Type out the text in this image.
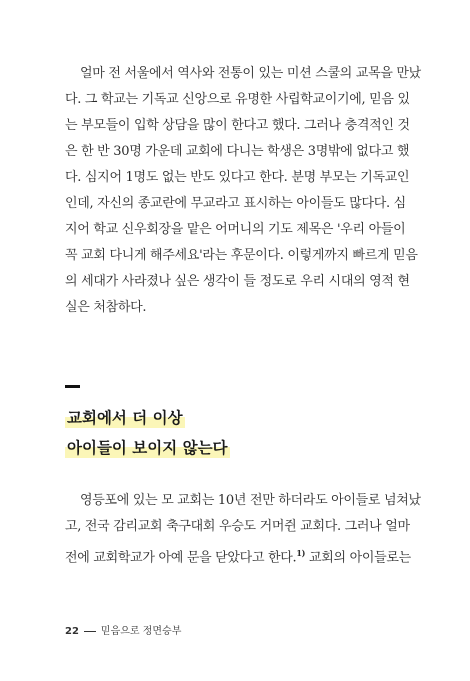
얼마 전 서울에서 역사와 전통이 있는 미션 스쿨의 교목을 만났
다. 그 학교는 기독교 신앙으로 유명한 사립학교이기에, 믿음 있
는 부모들이 입학 상담을 많이 한다고 했다. 그러나 충격적인 것
은 한 반 30명 가운데 교회에 다니는 학생은 3명밖에 없다고 했
다. 심지어 1명도 없는 반도 있다고 한다. 분명 부모는 기독교인
인데, 자신의 종교란에 무교라고 표시하는 아이들도 많다다. 심
지어 학교 신우회장을 맡은 어머니의 기도 제목은 '우리 아들이
꼭 교회 다니게 해주세요'라는 후문이다. 이렇게까지 빠르게 믿음
의 세대가 사라졌나 싶은 생각이 들 정도로 우리 시대의 영적 현
실은 처참하다.
교회에서 더 이상
아이들이 보이지 않는다
영등포에 있는 모 교회는 10년 전만 하더라도 아이들로 넘쳐났
고, 전국 감리교회 축구대회 우승도 거머쥔 교회다. 그러나 얼마
전에 교회학교가 아예 문을 닫았다고 한다.$^{1)}$ 교회의 아이들로는
22 믿음으로 정면승부
